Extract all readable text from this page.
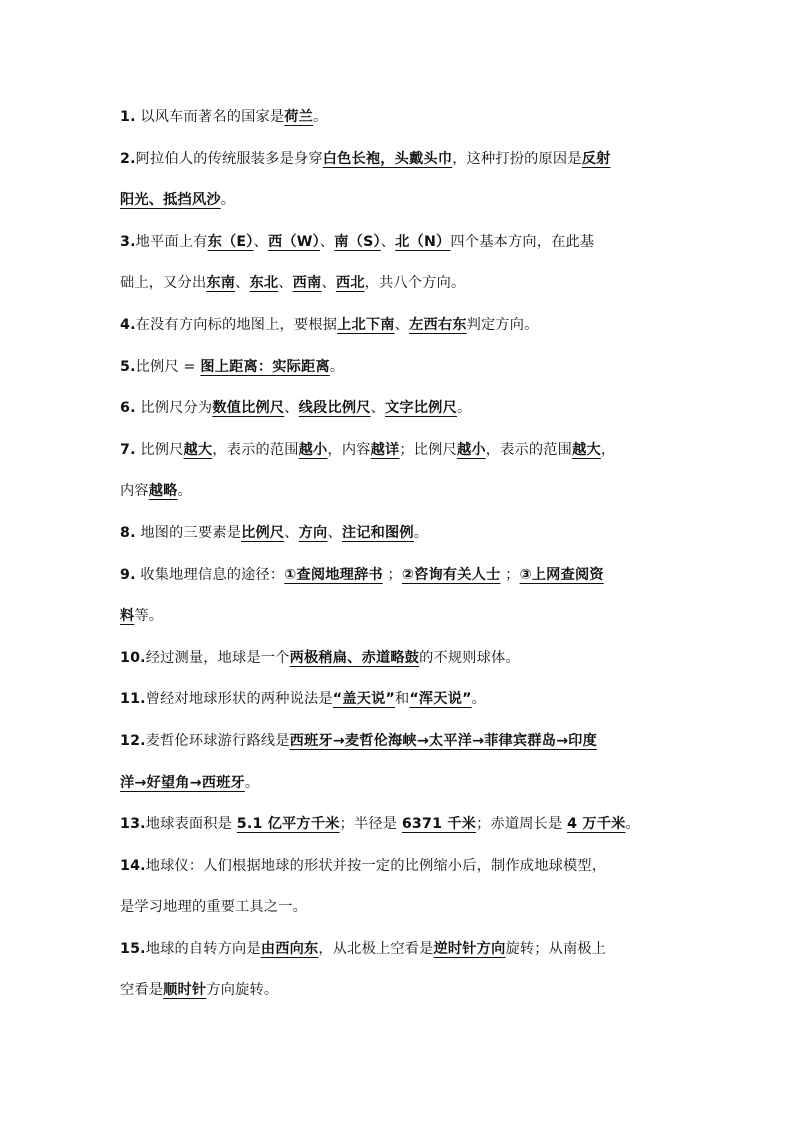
1. 以风车而著名的国家是荷兰。
2.阿拉伯人的传统服装多是身穿白色长袍，头戴头巾，这种打扮的原因是反射
阳光、抵挡风沙。
3.地平面上有东（E）、西（W）、南（S）、北（N）四个基本方向，在此基
础上，又分出东南、东北、西南、西北，共八个方向。
4.在没有方向标的地图上，要根据上北下南、左西右东判定方向。
5.比例尺 = 图上距离：实际距离。
6. 比例尺分为数值比例尺、线段比例尺、文字比例尺。
7. 比例尺越大，表示的范围越小，内容越详；比例尺越小，表示的范围越大，
内容越略。
8. 地图的三要素是比例尺、方向、注记和图例。
9. 收集地理信息的途径：①查阅地理辞书 ；②咨询有关人士 ；③上网查阅资
料等。
10.经过测量，地球是一个两极稍扁、赤道略鼓的不规则球体。
11.曾经对地球形状的两种说法是“盖天说”和“浑天说”。
12.麦哲伦环球游行路线是西班牙→麦哲伦海峡→太平洋→菲律宾群岛→印度
洋→好望角→西班牙。
13.地球表面积是 5.1 亿平方千米；半径是 6371 千米；赤道周长是 4 万千米。
14.地球仪：人们根据地球的形状并按一定的比例缩小后，制作成地球模型，
是学习地理的重要工具之一。
15.地球的自转方向是由西向东，从北极上空看是逆时针方向旋转；从南极上
空看是顺时针方向旋转。
